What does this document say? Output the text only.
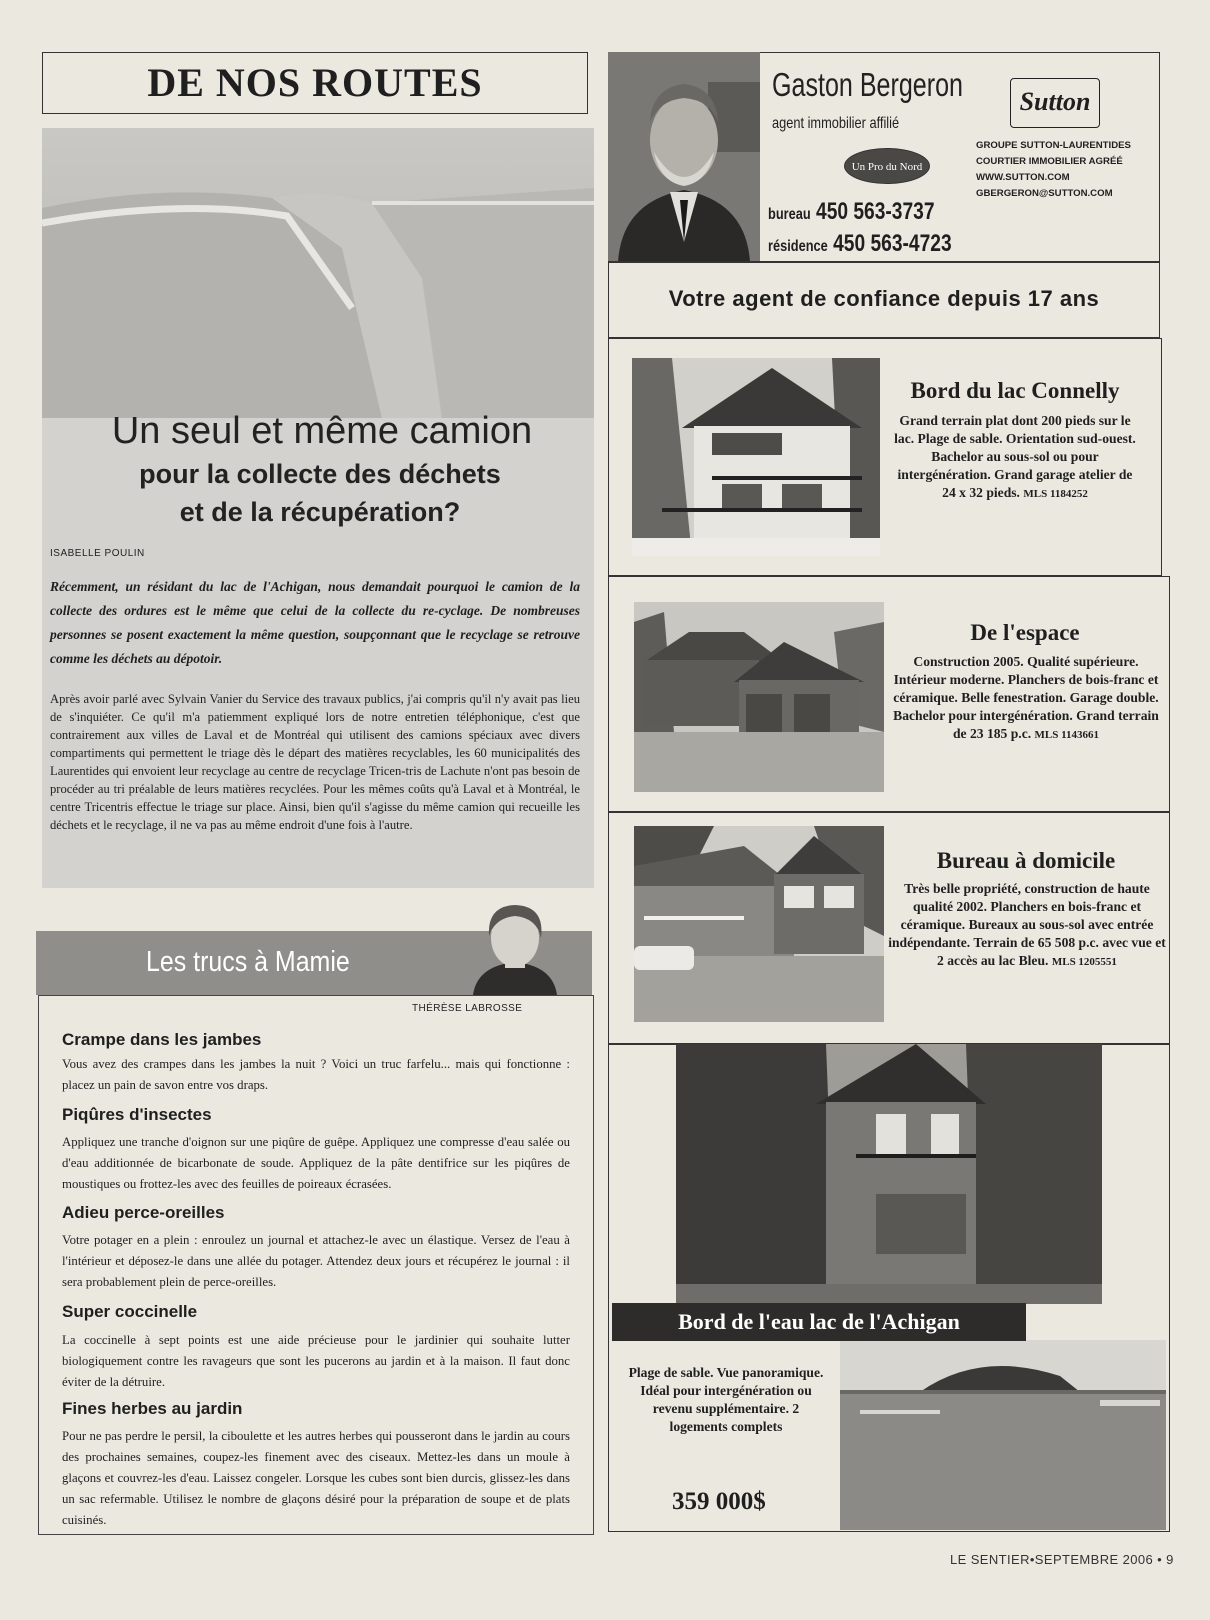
DE NOS ROUTES
Un seul et même camion
pour la collecte des déchets
et de la récupération?
ISABELLE POULIN
Récemment, un résidant du lac de l'Achigan, nous demandait pourquoi le camion de la collecte des ordures est le même que celui de la collecte du re-cyclage. De nombreuses personnes se posent exactement la même question, soupçonnant que le recyclage se retrouve comme les déchets au dépotoir.
Après avoir parlé avec Sylvain Vanier du Service des travaux publics, j'ai compris qu'il n'y avait pas lieu de s'inquiéter. Ce qu'il m'a patiemment expliqué lors de notre entretien téléphonique, c'est que contrairement aux villes de Laval et de Montréal qui utilisent des camions spéciaux avec divers compartiments qui permettent le triage dès le départ des matières recyclables, les 60 municipalités des Laurentides qui envoient leur recyclage au centre de recyclage Tricen-tris de Lachute n'ont pas besoin de procéder au tri préalable de leurs matières recyclées. Pour les mêmes coûts qu'à Laval et à Montréal, le centre Tricentris effectue le triage sur place. Ainsi, bien qu'il s'agisse du même camion qui recueille les déchets et le recyclage, il ne va pas au même endroit d'une fois à l'autre.
Les trucs à Mamie
THÉRÈSE LABROSSE
Crampe dans les jambes
Vous avez des crampes dans les jambes la nuit ? Voici un truc farfelu... mais qui fonctionne : placez un pain de savon entre vos draps.
Piqûres d'insectes
Appliquez une tranche d'oignon sur une piqûre de guêpe. Appliquez une compresse d'eau salée ou d'eau additionnée de bicarbonate de soude. Appliquez de la pâte dentifrice sur les piqûres de moustiques ou frottez-les avec des feuilles de poireaux écrasées.
Adieu perce-oreilles
Votre potager en a plein : enroulez un journal et attachez-le avec un élastique. Versez de l'eau à l'intérieur et déposez-le dans une allée du potager. Attendez deux jours et récupérez le journal : il sera probablement plein de perce-oreilles.
Super coccinelle
La coccinelle à sept points est une aide précieuse pour le jardinier qui souhaite lutter biologiquement contre les ravageurs que sont les pucerons au jardin et à la maison. Il faut donc éviter de la détruire.
Fines herbes au jardin
Pour ne pas perdre le persil, la ciboulette et les autres herbes qui pousseront dans le jardin au cours des prochaines semaines, coupez-les finement avec des ciseaux. Mettez-les dans un moule à glaçons et couvrez-les d'eau. Laissez congeler. Lorsque les cubes sont bien durcis, glissez-les dans un sac refermable. Utilisez le nombre de glaçons désiré pour la préparation de soupe et de plats cuisinés.
Gaston Bergeron
agent immobilier affilié
Un Pro du Nord
bureau 450 563-3737
résidence 450 563-4723
Sutton
GROUPE SUTTON-LAURENTIDES
COURTIER IMMOBILIER AGRÉÉ
WWW.SUTTON.COM
GBERGERON@SUTTON.COM
Votre agent de confiance depuis 17 ans
Bord du lac Connelly
Grand terrain plat dont 200 pieds sur le lac. Plage de sable. Orientation sud-ouest. Bachelor au sous-sol ou pour intergénération. Grand garage atelier de 24 x 32 pieds. MLS 1184252
De l'espace
Construction 2005. Qualité supérieure. Intérieur moderne. Planchers de bois-franc et céramique. Belle fenestration. Garage double. Bachelor pour intergénération. Grand terrain de 23 185 p.c. MLS 1143661
Bureau à domicile
Très belle propriété, construction de haute qualité 2002. Planchers en bois-franc et céramique. Bureaux au sous-sol avec entrée indépendante. Terrain de 65 508 p.c. avec vue et 2 accès au lac Bleu. MLS 1205551
Bord de l'eau lac de l'Achigan
Plage de sable. Vue panoramique. Idéal pour intergénération ou revenu supplémentaire. 2 logements complets
359 000$
LE SENTIER•SEPTEMBRE 2006 • 9
